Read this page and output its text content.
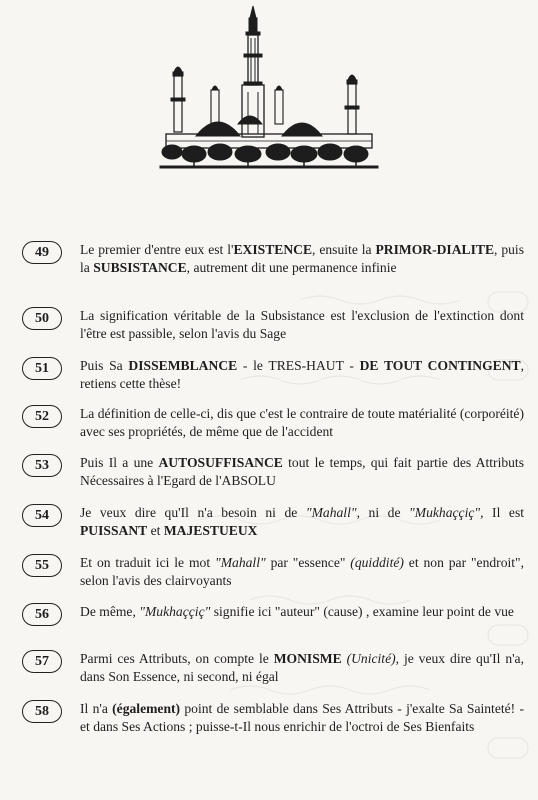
49	Le premier d'entre eux est l'EXISTENCE, ensuite la PRIMOR-DIALITE, puis la SUBSISTANCE, autrement dit une permanence infinie
50	La signification véritable de la Subsistance est l'exclusion de l'extinction dont l'être est passible, selon l'avis du Sage
51	Puis Sa DISSEMBLANCE - le TRES-HAUT - DE TOUT CONTINGENT, retiens cette thèse!
52	La définition de celle-ci, dis que c'est le contraire de toute matérialité (corporéité) avec ses propriétés, de même que de l'accident
53	Puis Il a une AUTOSUFFISANCE tout le temps, qui fait partie des Attributs Nécessaires à l'Egard de l'ABSOLU
54	Je veux dire qu'Il n'a besoin ni de "Mahall", ni de "Mukhaççiç", Il est PUISSANT et MAJESTUEUX
55	Et on traduit ici le mot "Mahall" par "essence" (quiddité) et non par "endroit", selon l'avis des clairvoyants
56	De même, "Mukhaççiç" signifie ici "auteur" (cause) , examine leur point de vue
57	Parmi ces Attributs, on compte le MONISME (Unicité), je veux dire qu'Il n'a, dans Son Essence, ni second, ni égal
58	Il n'a (également) point de semblable dans Ses Attributs - j'exalte Sa Sainteté! - et dans Ses Actions ; puisse-t-Il nous enrichir de l'octroi de Ses Bienfaits
